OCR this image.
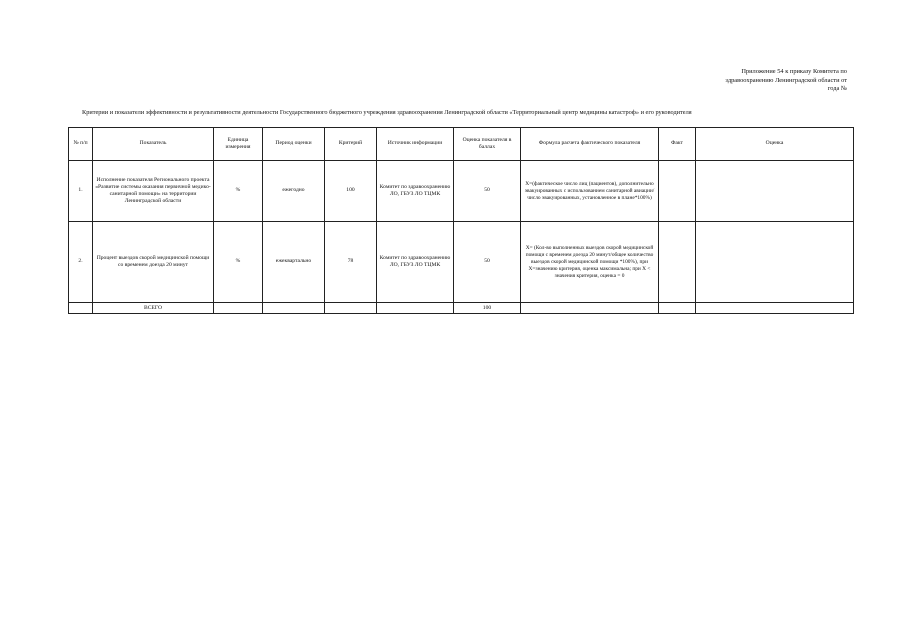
Приложение 54 к приказу Комитета по
здравоохранению Ленинградской области от
года №
Критерии и показатели эффективности и результативности деятельности Государственного бюджетного учреждения здравоохранения Ленинградской области «Территориальный центр медицины катастроф» и его руководителя
№ п/п	Показатель	Единица измерения	Период оценки	Критерий	Источник информации	Оценка показателя в баллах	Формула расчета фактического показателя	Факт	Оценка
1.	Исполнение показателя Регионального проекта «Развитие системы оказания первичной медико-санитарной помощи» на территории Ленинградской области	%	ежегодно	100	Комитет по здравоохранению ЛО, ГБУЗ ЛО ТЦМК	50	Х=(фактическое число лиц (пациентов), дополнительно эвакуированных с использованием санитарной авиации/ число эвакуированных, установленное в плане*100%)		
2.	Процент выездов скорой медицинской помощи со временем доезда 20 минут	%	ежеквартально	78	Комитет по здравоохранению ЛО, ГБУЗ ЛО ТЦМК	50	Х= (Кол-во выполненных выездов скорой медицинской помощи с временем доезда 20 минут/общее количество выездов скорой медицинской помощи *100%), при Х=значению критерия, оценка максимальна; при Х < значения критерия, оценка = 0		
	ВСЕГО					100			
